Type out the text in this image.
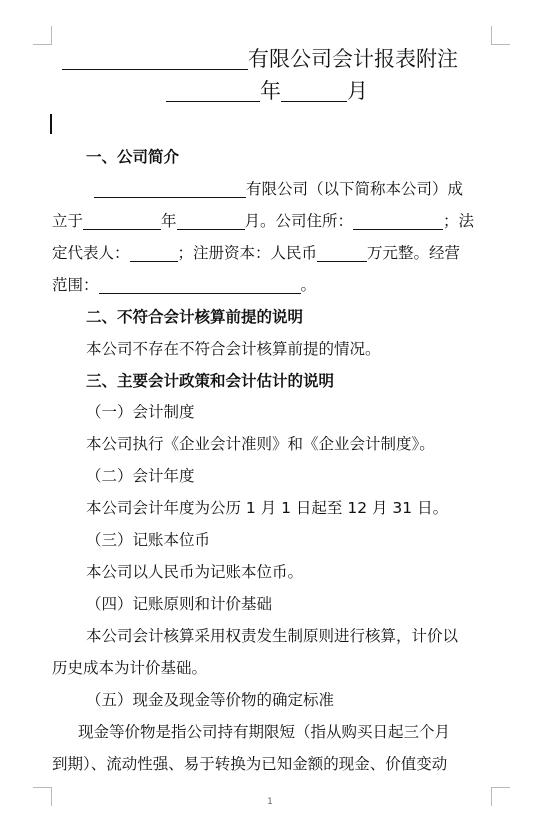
有限公司会计报表附注
年	月
一、公司简介
有限公司（以下简称本公司）成
立于	年	月。公司住所：	；法
定代表人：	；注册资本：人民币	万元整。经营
范围：	。
二、不符合会计核算前提的说明
本公司不存在不符合会计核算前提的情况。
三、主要会计政策和会计估计的说明
（一）会计制度
本公司执行《企业会计准则》和《企业会计制度》。
（二）会计年度
本公司会计年度为公历 1 月 1 日起至 12 月 31 日。
（三）记账本位币
本公司以人民币为记账本位币。
（四）记账原则和计价基础
本公司会计核算采用权责发生制原则进行核算，计价以
历史成本为计价基础。
（五）现金及现金等价物的确定标准
现金等价物是指公司持有期限短（指从购买日起三个月
到期）、流动性强、易于转换为已知金额的现金、价值变动
1
